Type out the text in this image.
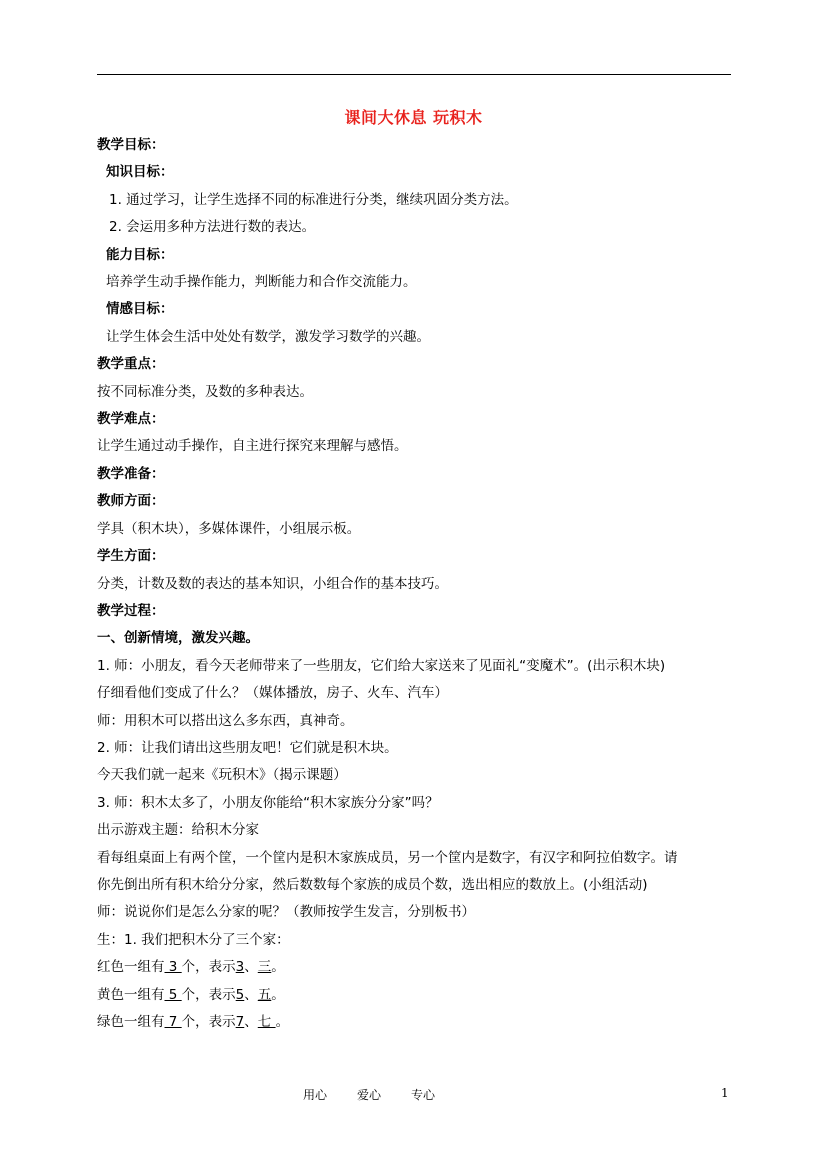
课间大休息 玩积木
教学目标：
知识目标：
1. 通过学习，让学生选择不同的标准进行分类，继续巩固分类方法。
2. 会运用多种方法进行数的表达。
能力目标：
培养学生动手操作能力，判断能力和合作交流能力。
情感目标：
让学生体会生活中处处有数学，激发学习数学的兴趣。
教学重点：
按不同标准分类，及数的多种表达。
教学难点：
让学生通过动手操作，自主进行探究来理解与感悟。
教学准备：
教师方面：
学具（积木块），多媒体课件，小组展示板。
学生方面：
分类，计数及数的表达的基本知识，小组合作的基本技巧。
教学过程：
一、创新情境，激发兴趣。
1. 师：小朋友，看今天老师带来了一些朋友，它们给大家送来了见面礼“变魔术”。(出示积木块)
仔细看他们变成了什么？（媒体播放，房子、火车、汽车）
师：用积木可以搭出这么多东西，真神奇。
2. 师：让我们请出这些朋友吧！它们就是积木块。
今天我们就一起来《玩积木》（揭示课题）
3. 师：积木太多了，小朋友你能给“积木家族分分家”吗？
出示游戏主题：给积木分家
看每组桌面上有两个筐，一个筐内是积木家族成员，另一个筐内是数字，有汉字和阿拉伯数字。请
你先倒出所有积木给分分家，然后数数每个家族的成员个数，选出相应的数放上。(小组活动)
师：说说你们是怎么分家的呢？（教师按学生发言，分别板书）
生：1. 我们把积木分了三个家：
红色一组有 3 个，表示3、三。
黄色一组有 5 个，表示5、五。
绿色一组有 7 个，表示7、七 。
用心	爱心	专心	1
